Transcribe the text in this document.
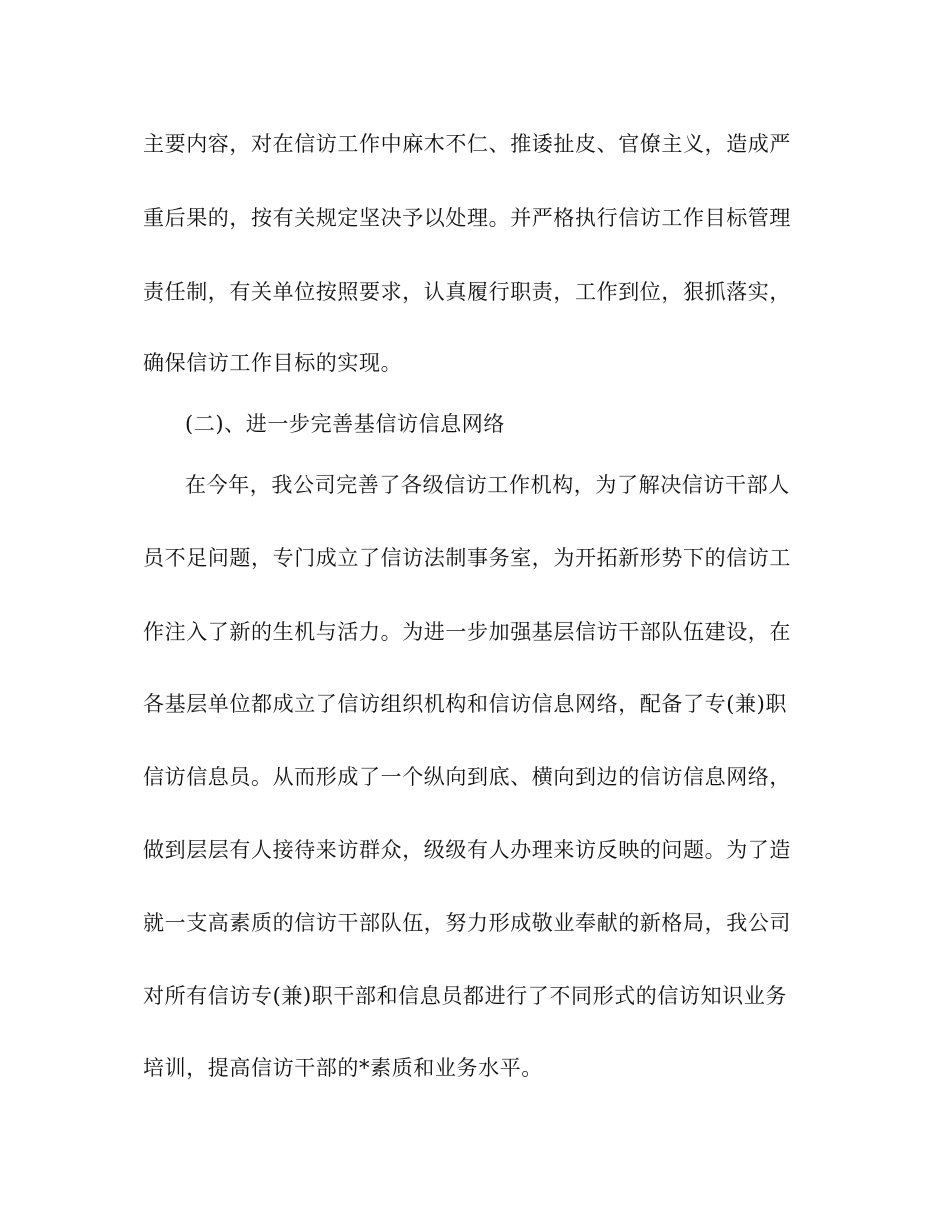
主要内容，对在信访工作中麻木不仁、推诿扯皮、官僚主义，造成严
重后果的，按有关规定坚决予以处理。并严格执行信访工作目标管理
责任制，有关单位按照要求，认真履行职责，工作到位，狠抓落实，
确保信访工作目标的实现。
(二)、进一步完善基信访信息网络
在今年，我公司完善了各级信访工作机构，为了解决信访干部人
员不足问题，专门成立了信访法制事务室，为开拓新形势下的信访工
作注入了新的生机与活力。为进一步加强基层信访干部队伍建设，在
各基层单位都成立了信访组织机构和信访信息网络，配备了专(兼)职
信访信息员。从而形成了一个纵向到底、横向到边的信访信息网络，
做到层层有人接待来访群众，级级有人办理来访反映的问题。为了造
就一支高素质的信访干部队伍，努力形成敬业奉献的新格局，我公司
对所有信访专(兼)职干部和信息员都进行了不同形式的信访知识业务
培训，提高信访干部的*素质和业务水平。
